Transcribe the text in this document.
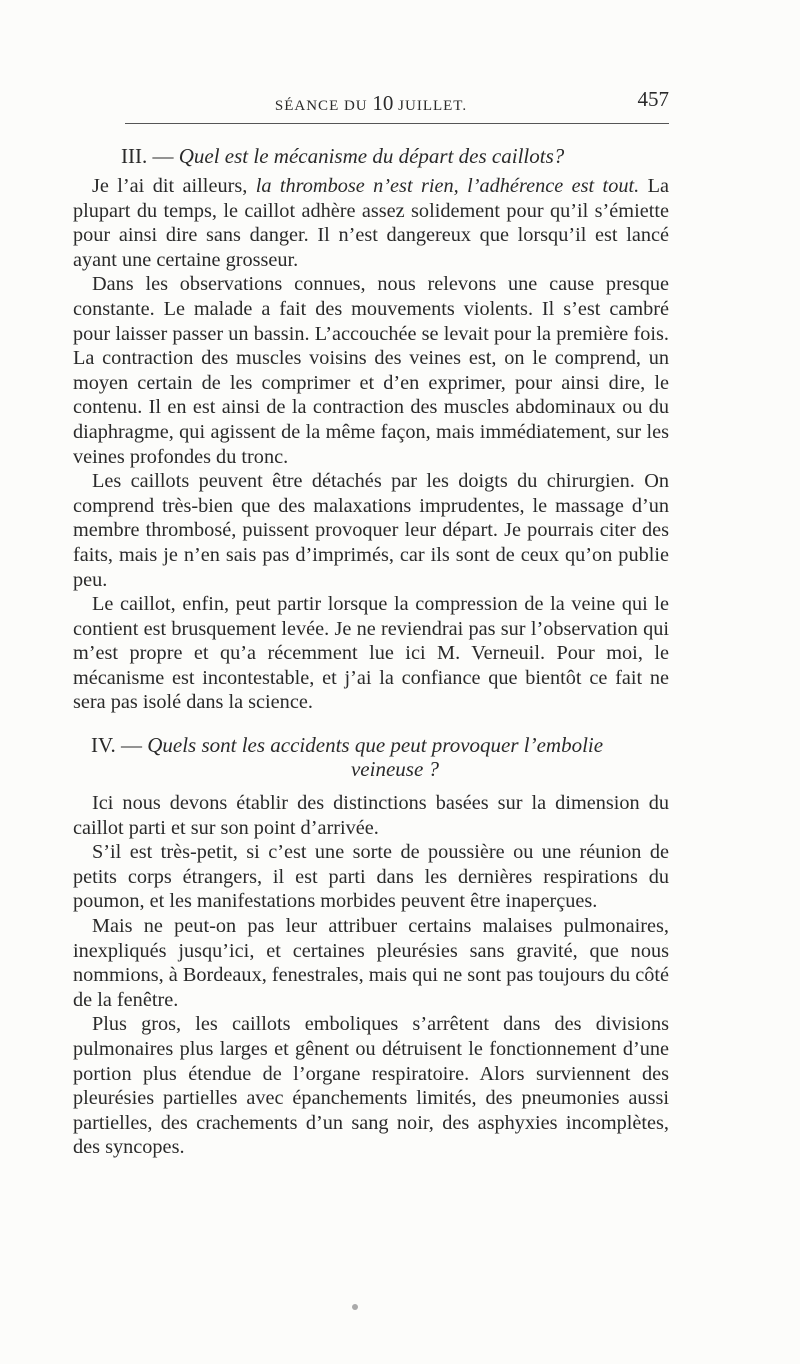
SÉANCE DU 10 JUILLET.	457
III. — Quel est le mécanisme du départ des caillots?

Je l’ai dit ailleurs, la thrombose n’est rien, l’adhérence est tout. La plupart du temps, le caillot adhère assez solidement pour qu’il s’émiette pour ainsi dire sans danger. Il n’est dangereux que lorsqu’il est lancé ayant une certaine grosseur.

Dans les observations connues, nous relevons une cause presque constante. Le malade a fait des mouvements violents. Il s’est cambré pour laisser passer un bassin. L’accouchée se levait pour la première fois. La contraction des muscles voisins des veines est, on le comprend, un moyen certain de les comprimer et d’en exprimer, pour ainsi dire, le contenu. Il en est ainsi de la contraction des muscles abdominaux ou du diaphragme, qui agissent de la même façon, mais immédiatement, sur les veines profondes du tronc.

Les caillots peuvent être détachés par les doigts du chirurgien. On comprend très-bien que des malaxations imprudentes, le massage d’un membre thrombosé, puissent provoquer leur départ. Je pourrais citer des faits, mais je n’en sais pas d’imprimés, car ils sont de ceux qu’on publie peu.

Le caillot, enfin, peut partir lorsque la compression de la veine qui le contient est brusquement levée. Je ne reviendrai pas sur l’observation qui m’est propre et qu’a récemment lue ici M. Verneuil. Pour moi, le mécanisme est incontestable, et j’ai la confiance que bientôt ce fait ne sera pas isolé dans la science.

IV. — Quels sont les accidents que peut provoquer l’embolie
veineuse ?

Ici nous devons établir des distinctions basées sur la dimension du caillot parti et sur son point d’arrivée.

S’il est très-petit, si c’est une sorte de poussière ou une réunion de petits corps étrangers, il est parti dans les dernières respirations du poumon, et les manifestations morbides peuvent être inaperçues.

Mais ne peut-on pas leur attribuer certains malaises pulmonaires, inexpliqués jusqu’ici, et certaines pleurésies sans gravité, que nous nommions, à Bordeaux, fenestrales, mais qui ne sont pas toujours du côté de la fenêtre.

Plus gros, les caillots emboliques s’arrêtent dans des divisions pulmonaires plus larges et gênent ou détruisent le fonctionnement d’une portion plus étendue de l’organe respiratoire. Alors surviennent des pleurésies partielles avec épanchements limités, des pneumonies aussi partielles, des crachements d’un sang noir, des asphyxies incomplètes, des syncopes.
